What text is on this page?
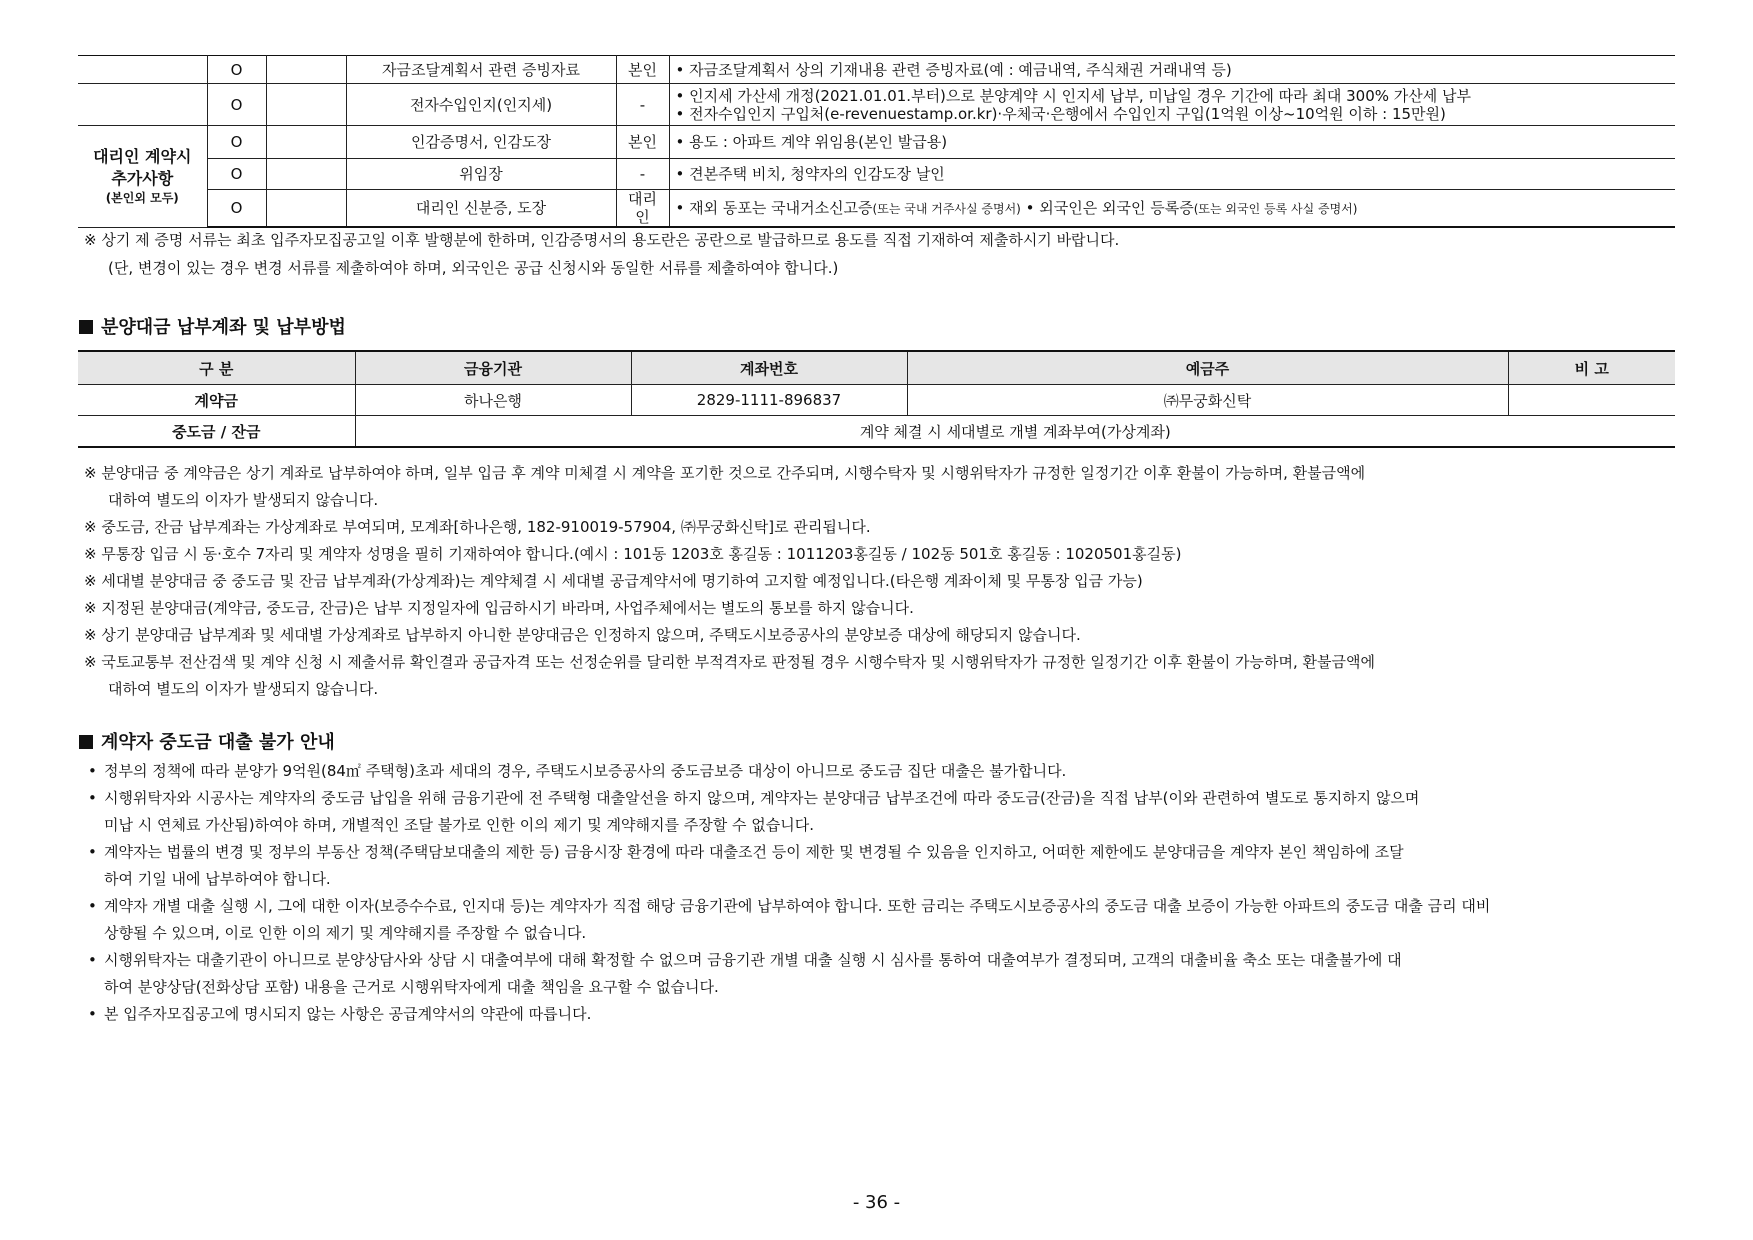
	O		자금조달계획서 관련 증빙자료	본인	• 자금조달계획서 상의 기재내용 관련 증빙자료(예 : 예금내역, 주식채권 거래내역 등)

	O		전자수입인지(인지세)	-	• 인지세 가산세 개정(2021.01.01.부터)으로 분양계약 시 인지세 납부, 미납일 경우 기간에 따라 최대 300% 가산세 납부
• 전자수입인지 구입처(e-revenuestamp.or.kr)·우체국·은행에서 수입인지 구입(1억원 이상~10억원 이하 : 15만원)

대리인 계약시
추가사항

(본인외 모두)	O		인감증명서, 인감도장	본인	• 용도 : 아파트 계약 위임용(본인 발급용)

	O		위임장	-	• 견본주택 비치, 청약자의 인감도장 날인

	O		대리인 신분증, 도장	대리인	• 재외 동포는 국내거소신고증(또는 국내 거주사실 증명서) • 외국인은 외국인 등록증(또는 외국인 등록 사실 증명서)
※ 상기 제 증명 서류는 최초 입주자모집공고일 이후 발행분에 한하며, 인감증명서의 용도란은 공란으로 발급하므로 용도를 직접 기재하여 제출하시기 바랍니다.
(단, 변경이 있는 경우 변경 서류를 제출하여야 하며, 외국인은 공급 신청시와 동일한 서류를 제출하여야 합니다.)
분양대금 납부계좌 및 납부방법
구 분	금융기관	계좌번호	예금주	비 고
계약금	하나은행	2829-1111-896837	㈜무궁화신탁	
중도금 / 잔금	계약 체결 시 세대별로 개별 계좌부여(가상계좌)			
※ 분양대금 중 계약금은 상기 계좌로 납부하여야 하며, 일부 입금 후 계약 미체결 시 계약을 포기한 것으로 간주되며, 시행수탁자 및 시행위탁자가 규정한 일정기간 이후 환불이 가능하며, 환불금액에
대하여 별도의 이자가 발생되지 않습니다.
※ 중도금, 잔금 납부계좌는 가상계좌로 부여되며, 모계좌[하나은행, 182-910019-57904, ㈜무궁화신탁]로 관리됩니다.
※ 무통장 입금 시 동·호수 7자리 및 계약자 성명을 필히 기재하여야 합니다.(예시 : 101동 1203호 홍길동 : 1011203홍길동 / 102동 501호 홍길동 : 1020501홍길동)
※ 세대별 분양대금 중 중도금 및 잔금 납부계좌(가상계좌)는 계약체결 시 세대별 공급계약서에 명기하여 고지할 예정입니다.(타은행 계좌이체 및 무통장 입금 가능)
※ 지정된 분양대금(계약금, 중도금, 잔금)은 납부 지정일자에 입금하시기 바라며, 사업주체에서는 별도의 통보를 하지 않습니다.
※ 상기 분양대금 납부계좌 및 세대별 가상계좌로 납부하지 아니한 분양대금은 인정하지 않으며, 주택도시보증공사의 분양보증 대상에 해당되지 않습니다.
※ 국토교통부 전산검색 및 계약 신청 시 제출서류 확인결과 공급자격 또는 선정순위를 달리한 부적격자로 판정될 경우 시행수탁자 및 시행위탁자가 규정한 일정기간 이후 환불이 가능하며, 환불금액에
대하여 별도의 이자가 발생되지 않습니다.
계약자 중도금 대출 불가 안내
• 정부의 정책에 따라 분양가 9억원(84㎡ 주택형)초과 세대의 경우, 주택도시보증공사의 중도금보증 대상이 아니므로 중도금 집단 대출은 불가합니다.
• 시행위탁자와 시공사는 계약자의 중도금 납입을 위해 금융기관에 전 주택형 대출알선을 하지 않으며, 계약자는 분양대금 납부조건에 따라 중도금(잔금)을 직접 납부(이와 관련하여 별도로 통지하지 않으며
미납 시 연체료 가산됨)하여야 하며, 개별적인 조달 불가로 인한 이의 제기 및 계약해지를 주장할 수 없습니다.
• 계약자는 법률의 변경 및 정부의 부동산 정책(주택담보대출의 제한 등) 금융시장 환경에 따라 대출조건 등이 제한 및 변경될 수 있음을 인지하고, 어떠한 제한에도 분양대금을 계약자 본인 책임하에 조달
하여 기일 내에 납부하여야 합니다.
• 계약자 개별 대출 실행 시, 그에 대한 이자(보증수수료, 인지대 등)는 계약자가 직접 해당 금융기관에 납부하여야 합니다. 또한 금리는 주택도시보증공사의 중도금 대출 보증이 가능한 아파트의 중도금 대출 금리 대비
상향될 수 있으며, 이로 인한 이의 제기 및 계약해지를 주장할 수 없습니다.
• 시행위탁자는 대출기관이 아니므로 분양상담사와 상담 시 대출여부에 대해 확정할 수 없으며 금융기관 개별 대출 실행 시 심사를 통하여 대출여부가 결정되며, 고객의 대출비율 축소 또는 대출불가에 대
하여 분양상담(전화상담 포함) 내용을 근거로 시행위탁자에게 대출 책임을 요구할 수 없습니다.
• 본 입주자모집공고에 명시되지 않는 사항은 공급계약서의 약관에 따릅니다.
- 36 -
